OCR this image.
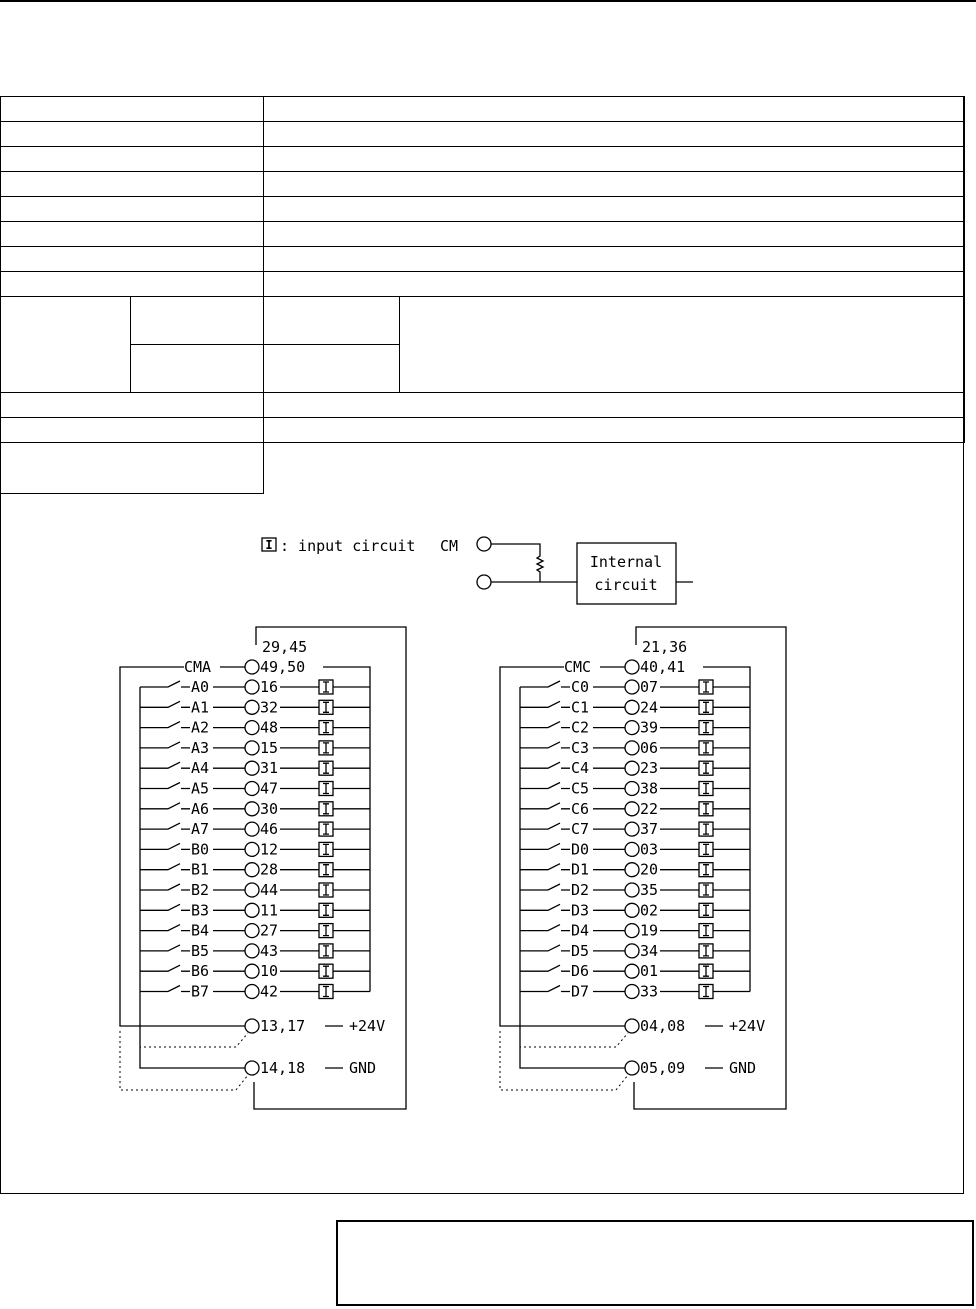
I : input circuit CM
Internal
circuit
29,45
CMA	49,50
A0	16
A1	32
A2	48
A3	15
A4	31
A5	47
A6	30
A7	46
B0	12
B1	28
B2	44
B3	11
B4	27
B5	43
B6	10
B7	42
13,17	+24V
14,18	GND
21,36
CMC	40,41
C0	07
C1	24
C2	39
C3	06
C4	23
C5	38
C6	22
C7	37
D0	03
D1	20
D2	35
D3	02
D4	19
D5	34
D6	01
D7	33
04,08	+24V
05,09	GND
